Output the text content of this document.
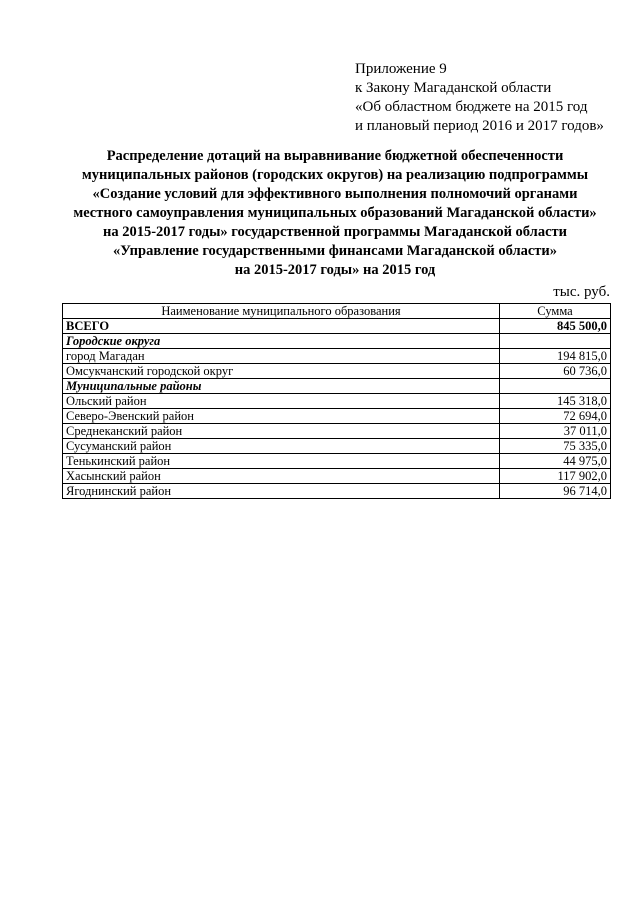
Приложение 9
к Закону Магаданской области
«Об областном бюджете на 2015 год
и плановый период 2016 и 2017 годов»
Распределение дотаций на выравнивание бюджетной обеспеченности
муниципальных районов (городских округов) на реализацию подпрограммы
«Создание условий для эффективного выполнения полномочий органами
местного самоуправления муниципальных образований Магаданской области»
на 2015-2017 годы» государственной программы Магаданской области
«Управление государственными финансами Магаданской области»
на 2015-2017 годы» на 2015 год
тыс. руб.
Наименование муниципального образования	Сумма
ВСЕГО	845 500,0
Городские округа	
город Магадан	194 815,0
Омсукчанский городской округ	60 736,0
Муниципальные районы	
Ольский район	145 318,0
Северо-Эвенский район	72 694,0
Среднеканский район	37 011,0
Сусуманский район	75 335,0
Тенькинский район	44 975,0
Хасынский район	117 902,0
Ягоднинский район	96 714,0
